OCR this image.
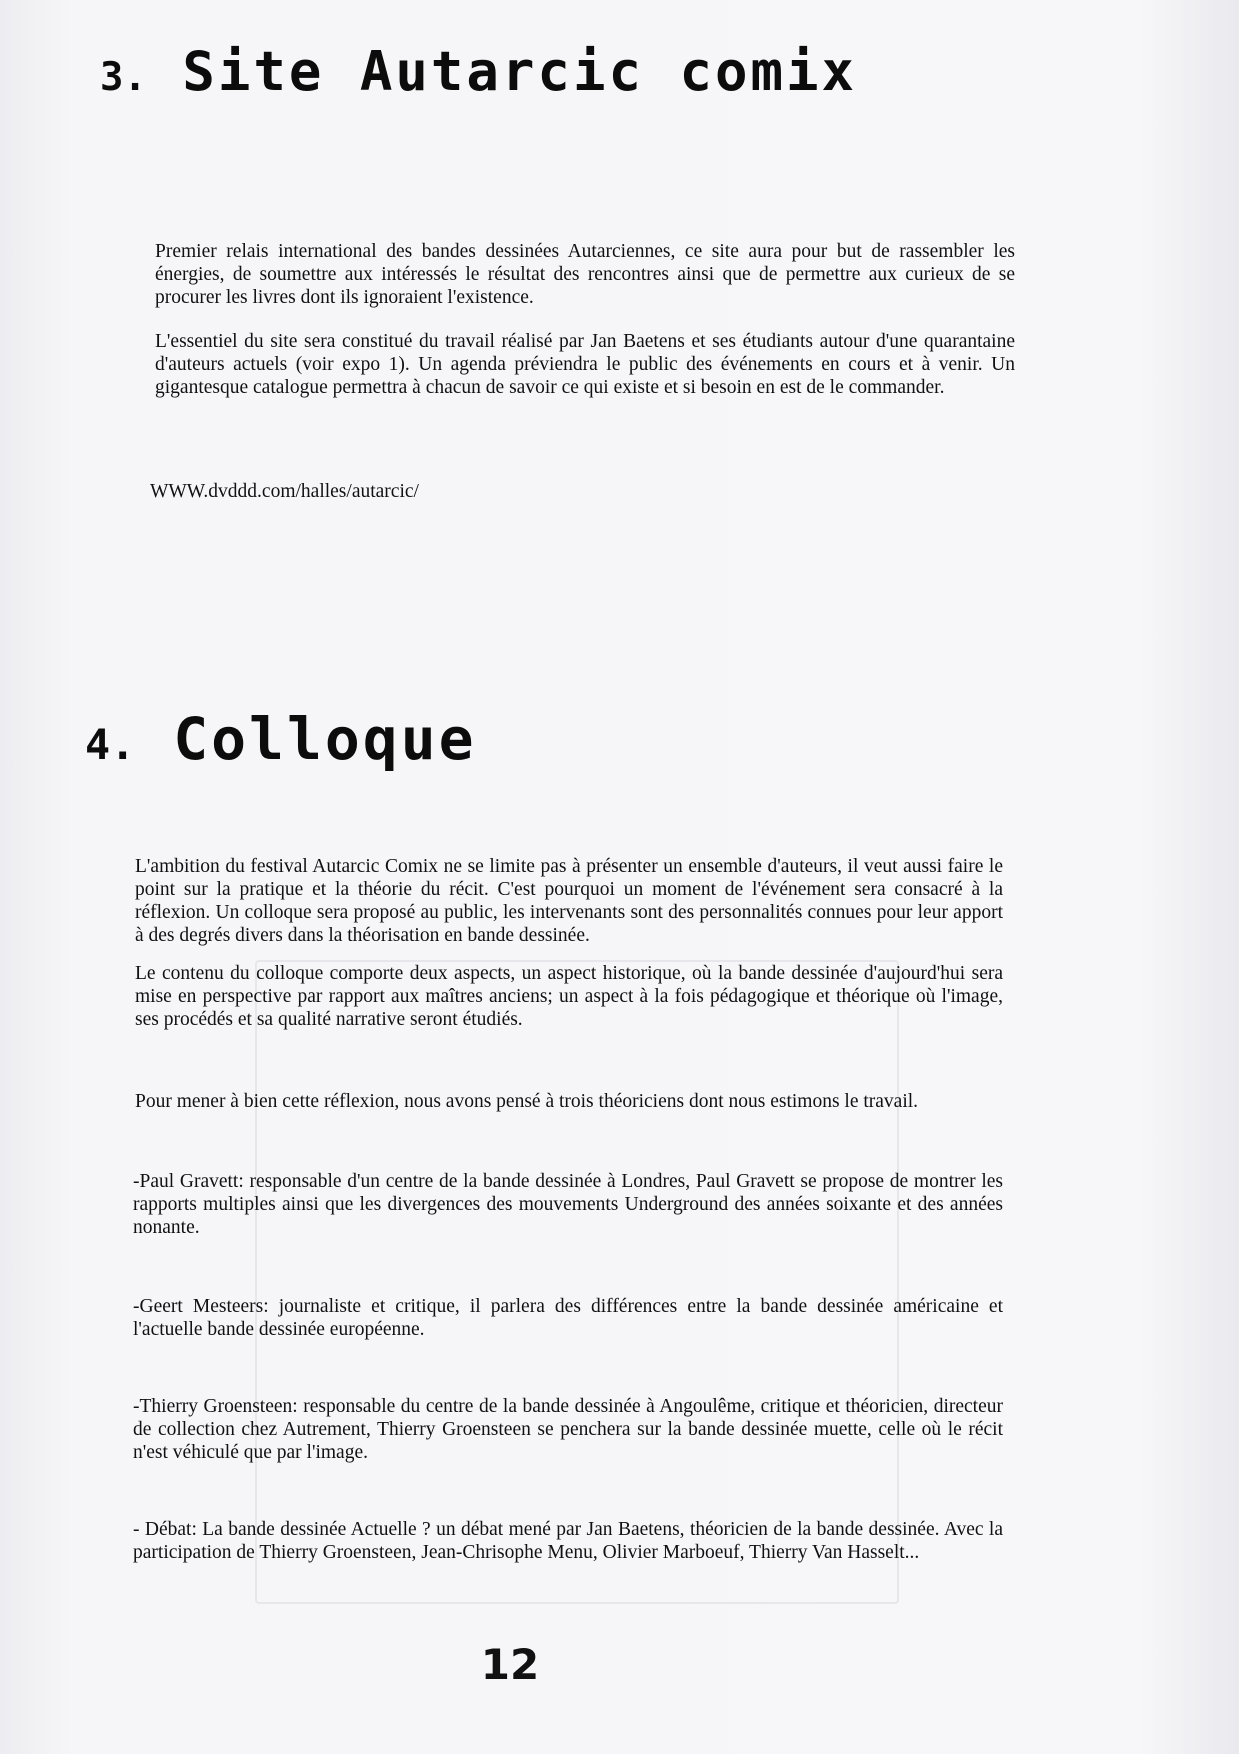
3. Site Autarcic comix

Premier relais international des bandes dessinées Autarciennes, ce site aura pour but de rassembler les énergies, de soumettre aux intéressés le résultat des rencontres ainsi que de permettre aux curieux de se procurer les livres dont ils ignoraient l'existence.

L'essentiel du site sera constitué du travail réalisé par Jan Baetens et ses étudiants autour d'une quarantaine d'auteurs actuels (voir expo 1). Un agenda préviendra le public des événements en cours et à venir. Un gigantesque catalogue permettra à chacun de savoir ce qui existe et si besoin en est de le commander.

WWW.dvddd.com/halles/autarcic/

4. Colloque

L'ambition du festival Autarcic Comix ne se limite pas à présenter un ensemble d'auteurs, il veut aussi faire le point sur la pratique et la théorie du récit. C'est pourquoi un moment de l'événement sera consacré à la réflexion. Un colloque sera proposé au public, les intervenants sont des personnalités connues pour leur apport à des degrés divers dans la théorisation en bande dessinée.

Le contenu du colloque comporte deux aspects, un aspect historique, où la bande dessinée d'aujourd'hui sera mise en perspective par rapport aux maîtres anciens; un aspect à la fois pédagogique et théorique où l'image, ses procédés et sa qualité narrative seront étudiés.

Pour mener à bien cette réflexion, nous avons pensé à trois théoriciens dont nous estimons le travail.

-Paul Gravett: responsable d'un centre de la bande dessinée à Londres, Paul Gravett se propose de montrer les rapports multiples ainsi que les divergences des mouvements Underground des années soixante et des années nonante.

-Geert Mesteers: journaliste et critique, il parlera des différences entre la bande dessinée américaine et l'actuelle bande dessinée européenne.

-Thierry Groensteen: responsable du centre de la bande dessinée à Angoulême, critique et théoricien, directeur de collection chez Autrement, Thierry Groensteen se penchera sur la bande dessinée muette, celle où le récit n'est véhiculé que par l'image.

- Débat: La bande dessinée Actuelle ? un débat mené par Jan Baetens, théoricien de la bande dessinée. Avec la participation de Thierry Groensteen, Jean-Chrisophe Menu, Olivier Marboeuf, Thierry Van Hasselt...

12
